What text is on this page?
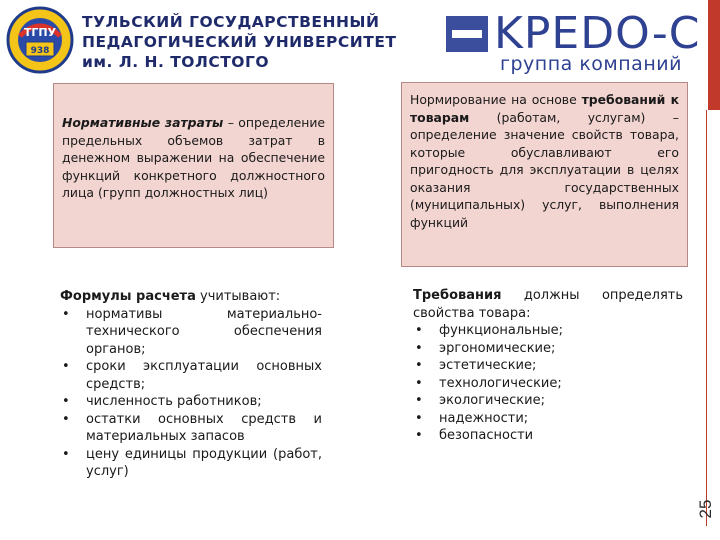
ТГПУ
938
ТУЛЬСКИЙ ГОСУДАРСТВЕННЫЙ
ПЕДАГОГИЧЕСКИЙ УНИВЕРСИТЕТ
им. Л. Н. ТОЛСТОГО
KPEDO-C
группа компаний
Нормативные затраты – определение предельных объемов затрат в денежном выражении на обеспечение функций конкретного должностного лица (групп должностных лиц)
Нормирование на основе требований к товарам (работам, услугам) – определение значение свойств товара, которые обуславливают его пригодность для эксплуатации в целях оказания государственных (муниципальных) услуг, выполнения функций

Формулы расчета учитывают:

• нормативы материально-технического обеспечения органов;
• сроки эксплуатации основных средств;
• численность работников;
• остатки основных средств и материальных запасов
• цену единицы продукции (работ, услуг)

Требования должны определять свойства товара:

• функциональные;
• эргономические;
• эстетические;
• технологические;
• экологические;
• надежности;
• безопасности
25
